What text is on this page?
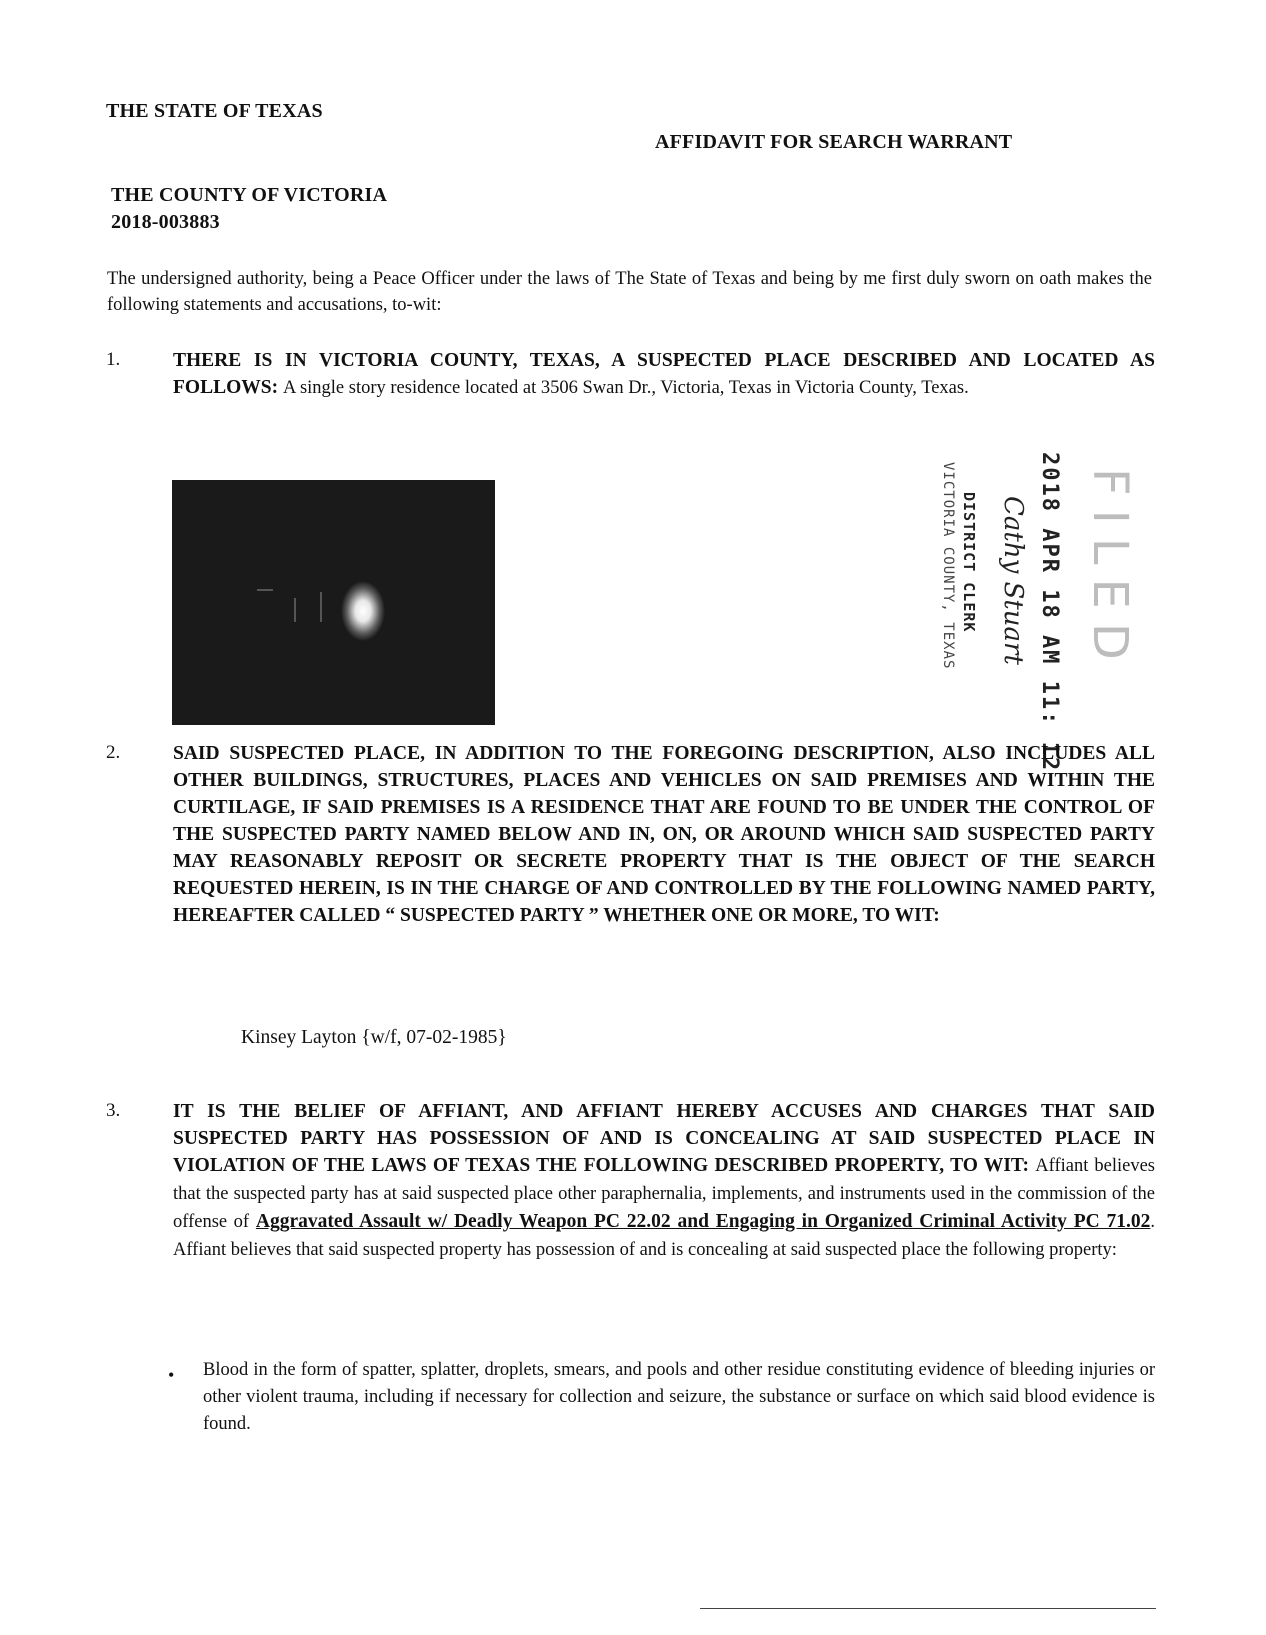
THE STATE OF TEXAS
AFFIDAVIT FOR SEARCH WARRANT
THE COUNTY OF VICTORIA
2018-003883
The undersigned authority, being a Peace Officer under the laws of The State of Texas and being by me first duly sworn on oath makes the following statements and accusations, to-wit:
1.	THERE IS IN VICTORIA COUNTY, TEXAS, A SUSPECTED PLACE DESCRIBED AND LOCATED AS FOLLOWS: A single story residence located at 3506 Swan Dr., Victoria, Texas in Victoria County, Texas.
FILED
2018 APR 18 AM 11: 12
Cathy Stuart
DISTRICT CLERK
VICTORIA COUNTY, TEXAS
2.	SAID SUSPECTED PLACE, IN ADDITION TO THE FOREGOING DESCRIPTION, ALSO INCLUDES ALL OTHER BUILDINGS, STRUCTURES, PLACES AND VEHICLES ON SAID PREMISES AND WITHIN THE CURTILAGE, IF SAID PREMISES IS A RESIDENCE THAT ARE FOUND TO BE UNDER THE CONTROL OF THE SUSPECTED PARTY NAMED BELOW AND IN, ON, OR AROUND WHICH SAID SUSPECTED PARTY MAY REASONABLY REPOSIT OR SECRETE PROPERTY THAT IS THE OBJECT OF THE SEARCH REQUESTED HEREIN, IS IN THE CHARGE OF AND CONTROLLED BY THE FOLLOWING NAMED PARTY, HEREAFTER CALLED “ SUSPECTED PARTY ” WHETHER ONE OR MORE, TO WIT:
Kinsey Layton {w/f, 07-02-1985}
3.	IT IS THE BELIEF OF AFFIANT, AND AFFIANT HEREBY ACCUSES AND CHARGES THAT SAID SUSPECTED PARTY HAS POSSESSION OF AND IS CONCEALING AT SAID SUSPECTED PLACE IN VIOLATION OF THE LAWS OF TEXAS THE FOLLOWING DESCRIBED PROPERTY, TO WIT: Affiant believes that the suspected party has at said suspected place other paraphernalia, implements, and instruments used in the commission of the offense of Aggravated Assault w/ Deadly Weapon PC 22.02 and Engaging in Organized Criminal Activity PC 71.02. Affiant believes that said suspected property has possession of and is concealing at said suspected place the following property:
• Blood in the form of spatter, splatter, droplets, smears, and pools and other residue constituting evidence of bleeding injuries or other violent trauma, including if necessary for collection and seizure, the substance or surface on which said blood evidence is found.
